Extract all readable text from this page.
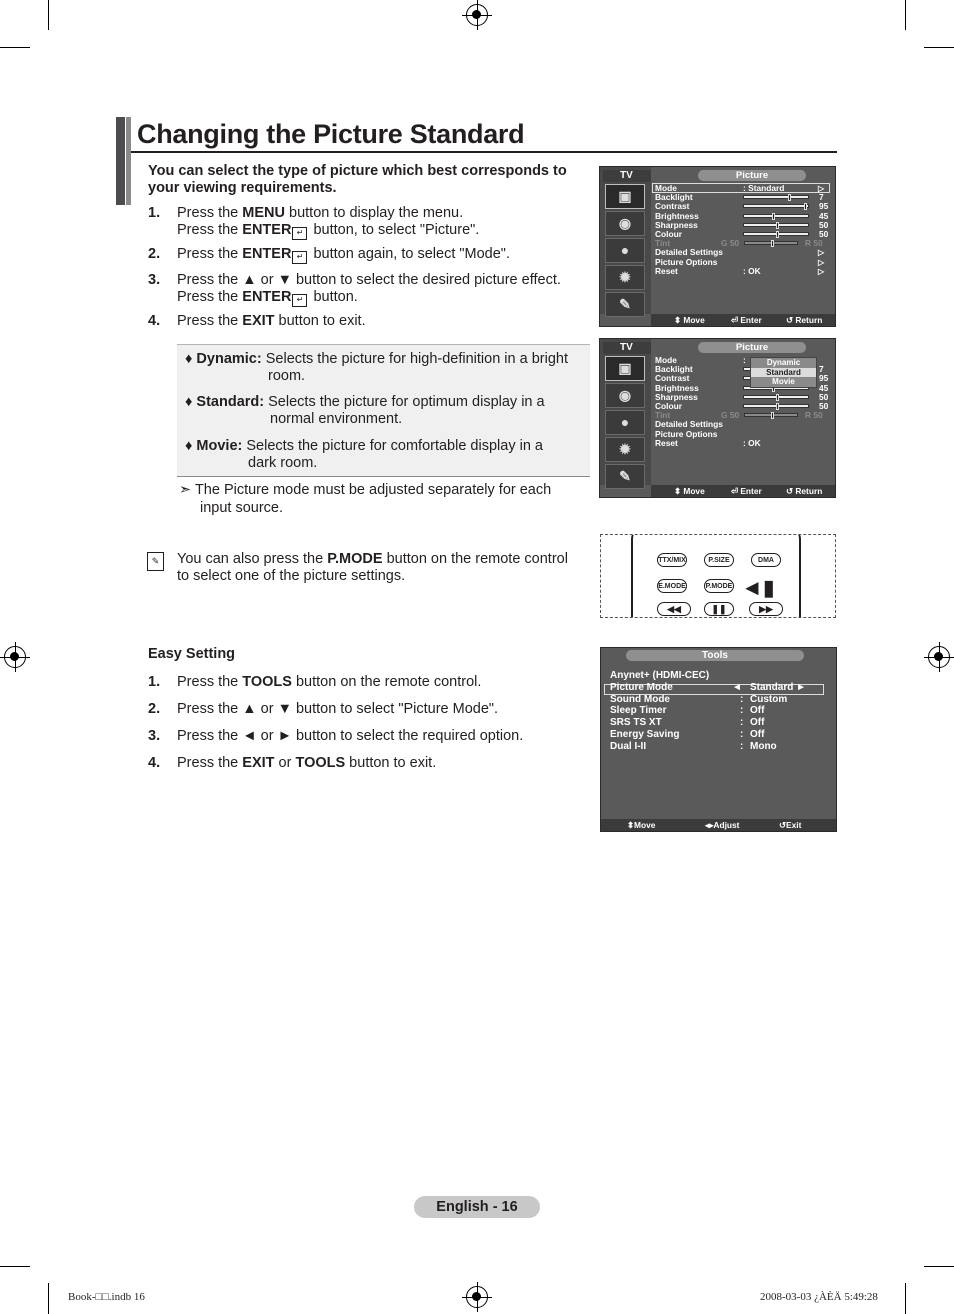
Changing the Picture Standard
You can select the type of picture which best corresponds to your viewing requirements.
1. Press the MENU button to display the menu.
Press the ENTER ↵ button, to select "Picture".
2. Press the ENTER ↵ button again, to select "Mode".
3. Press the ▲ or ▼ button to select the desired picture effect.
Press the ENTER ↵ button.
4. Press the EXIT button to exit.
♦ Dynamic: Selects the picture for high-definition in a bright
room.
♦ Standard: Selects the picture for optimum display in a
normal environment.
♦ Movie: Selects the picture for comfortable display in a
dark room.
➣ The Picture mode must be adjusted separately for each
input source.
✎	You can also press the P.MODE button on the remote control
to select one of the picture settings.
Easy Setting
1. Press the TOOLS button on the remote control.
2. Press the ▲ or ▼ button to select "Picture Mode".
3. Press the ◄ or ► button to select the required option.
4. Press the EXIT or TOOLS button to exit.
TV
▣
◉
●
✹
✎
Picture
Mode	: Standard	▷
Backlight	7
Contrast	95
Brightness	45
Sharpness	50
Colour	50
Tint	G 50	R 50
Detailed Settings	▷
Picture Options	▷
Reset	: OK	▷
⬍ Move	⏎ Enter	↺ Return
TV
▣
◉
●
✹
✎
Picture
Mode	:
Backlight	7
Contrast	95
Brightness	45
Sharpness	50
Colour	50
Tint	G 50	R 50
Detailed Settings
Picture Options
Reset	: OK
Dynamic
Standard
Movie
⬍ Move	⏎ Enter	↺ Return
TTX/MIX	P.SIZE	DMA
E.MODE	P.MODE
◀◀	❚❚	▶▶
◄▮
Tools
⬍ Move	◂▸ Adjust	↺ Exit
Anynet+ (HDMI-CEC)
Picture Mode	◄ Standard ►
Sound Mode	: Custom
Sleep Timer	: Off
SRS TS XT	: Off
Energy Saving	: Off
Dual I-II	: Mono
English - 16
Book-□□.indb 16	2008-03-03 ¿ÀÈÄ 5:49:28
